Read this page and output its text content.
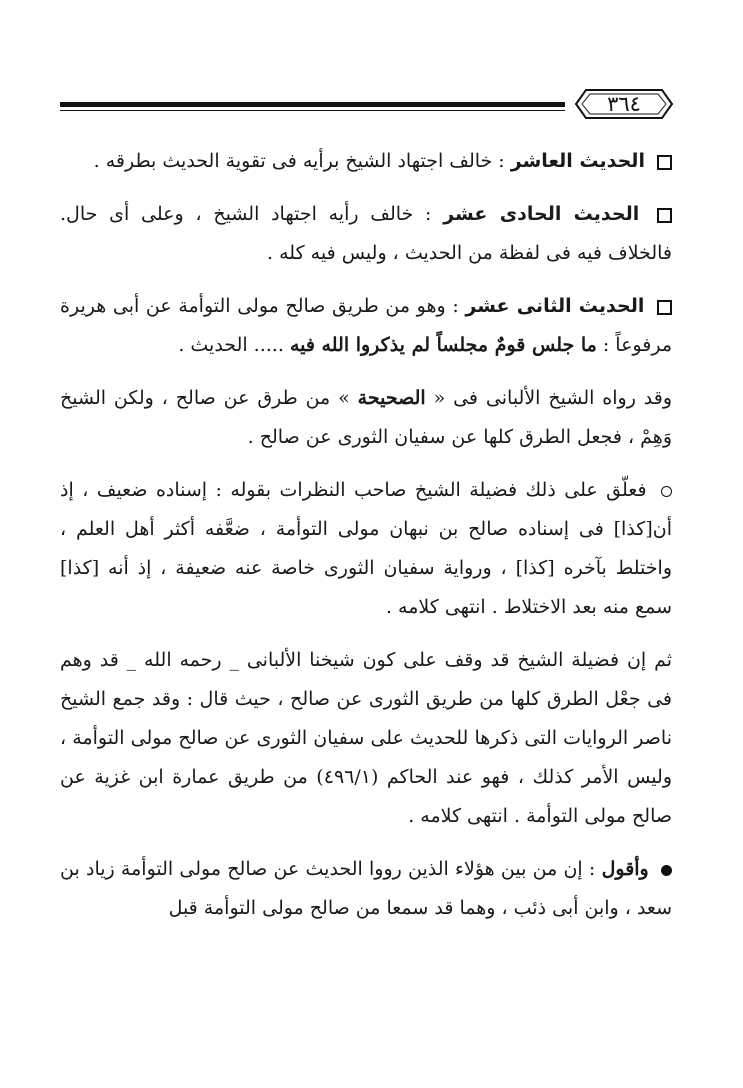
٣٦٤

الحديث العاشر : خالف اجتهاد الشيخ برأيه فى تقوية الحديث بطرقه .

الحديث الحادى عشر : خالف رأيه اجتهاد الشيخ ، وعلى أى حال. فالخلاف فيه فى لفظة من الحديث ، وليس فيه كله .

الحديث الثانى عشر : وهو من طريق صالح مولى التوأمة عن أبى هريرة مرفوعاً : ما جلس قومٌ مجلساً لم يذكروا الله فيه ..... الحديث .

وقد رواه الشيخ الألبانى فى « الصحيحة » من طرق عن صالح ، ولكن الشيخ وَهِمْ ، فجعل الطرق كلها عن سفيان الثورى عن صالح .

فعلّق على ذلك فضيلة الشيخ صاحب النظرات بقوله : إسناده ضعيف ، إذ أن[كذا] فى إسناده صالح بن نبهان مولى التوأمة ، ضعَّفه أكثر أهل العلم ، واختلط بآخره [كذا] ، ورواية سفيان الثورى خاصة عنه ضعيفة ، إذ أنه [كذا] سمع منه بعد الاختلاط . انتهى كلامه .

ثم إن فضيلة الشيخ قد وقف على كون شيخنا الألبانى _ رحمه الله _ قد وهم فى جعْل الطرق كلها من طريق الثورى عن صالح ، حيث قال : وقد جمع الشيخ ناصر الروايات التى ذكرها للحديث على سفيان الثورى عن صالح مولى التوأمة ، وليس الأمر كذلك ، فهو عند الحاكم (٤٩٦/١) من طريق عمارة ابن غزية عن صالح مولى التوأمة . انتهى كلامه .

وأقول : إن من بين هؤلاء الذين رووا الحديث عن صالح مولى التوأمة زياد بن سعد ، وابن أبى ذئب ، وهما قد سمعا من صالح مولى التوأمة قبل
